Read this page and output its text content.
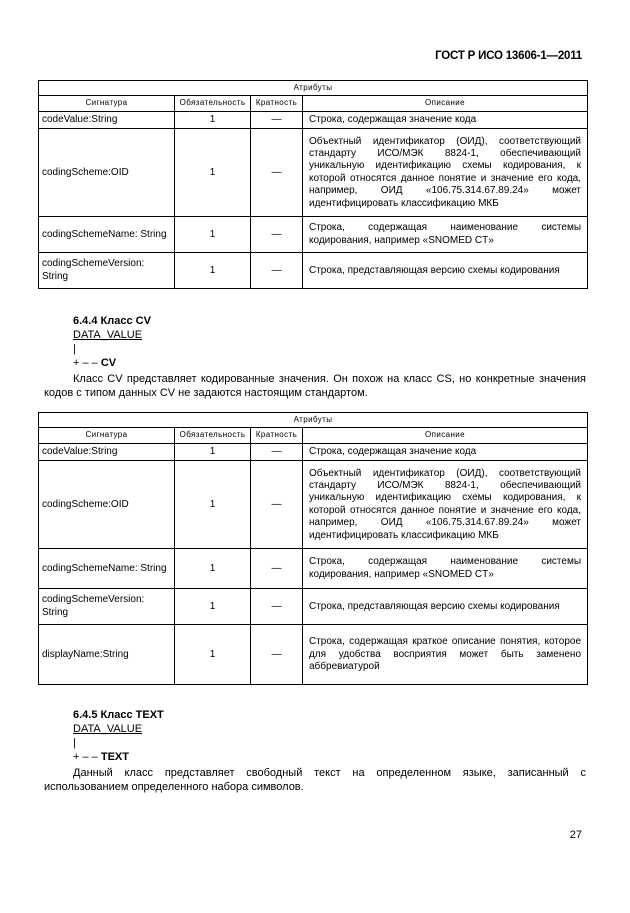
ГОСТ Р ИСО 13606-1—2011
Атрибуты			
Сигнатура	Обязательность	Кратность	Описание
codeValue:String	1	—	Строка, содержащая значение кода
codingScheme:OID	1	—	Объектный идентификатор (ОИД), соответствующий стандарту ИСО/МЭК 8824-1, обеспечивающий уникальную идентификацию схемы кодирования, к которой относятся данное понятие и значение его кода, например, ОИД «106.75.314.67.89.24» может идентифицировать классификацию МКБ
codingSchemeName: String	1	—	Строка, содержащая наименование системы кодирования, например «SNOMED CT»
codingSchemeVersion: String	1	—	Строка, представляющая версию схемы кодирования
6.4.4 Класс CV
DATA_VALUE
|
+ – – CV
Класс CV представляет кодированные значения. Он похож на класс CS, но конкретные значения кодов с типом данных CV не задаются настоящим стандартом.
Атрибуты			
Сигнатура	Обязательность	Кратность	Описание
codeValue:String	1	—	Строка, содержащая значение кода
codingScheme:OID	1	—	Объектный идентификатор (ОИД), соответствующий стандарту ИСО/МЭК 8824-1, обеспечивающий уникальную идентификацию схемы кодирования, к которой относятся данное понятие и значение его кода, например, ОИД «106.75.314.67.89.24» может идентифицировать классификацию МКБ
codingSchemeName: String	1	—	Строка, содержащая наименование системы кодирования, например «SNOMED CT»
codingSchemeVersion: String	1	—	Строка, представляющая версию схемы кодирования
displayName:String	1	—	Строка, содержащая краткое описание понятия, которое для удобства восприятия может быть заменено аббревиатурой
6.4.5 Класс TEXT
DATA_VALUE
|
+ – – TEXT
Данный класс представляет свободный текст на определенном языке, записанный с использованием определенного набора символов.
27
